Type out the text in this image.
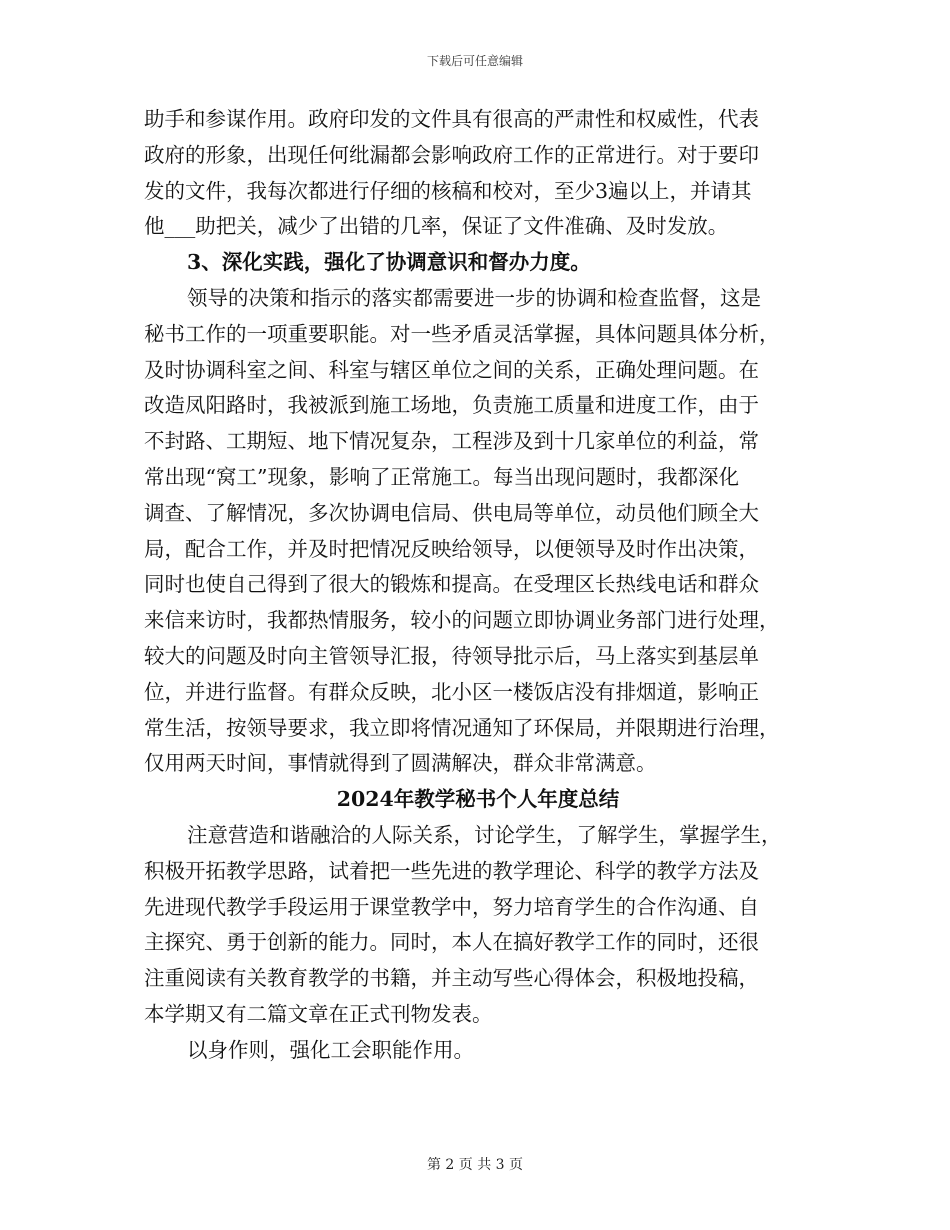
下载后可任意编辑
助手和参谋作用。政府印发的文件具有很高的严肃性和权威性，代表
政府的形象，出现任何纰漏都会影响政府工作的正常进行。对于要印
发的文件，我每次都进行仔细的核稿和校对，至少3遍以上，并请其
他___助把关，减少了出错的几率，保证了文件准确、及时发放。
3、深化实践，强化了协调意识和督办力度。
领导的决策和指示的落实都需要进一步的协调和检查监督，这是
秘书工作的一项重要职能。对一些矛盾灵活掌握，具体问题具体分析，
及时协调科室之间、科室与辖区单位之间的关系，正确处理问题。在
改造凤阳路时，我被派到施工场地，负责施工质量和进度工作，由于
不封路、工期短、地下情况复杂，工程涉及到十几家单位的利益，常
常出现“窝工”现象，影响了正常施工。每当出现问题时，我都深化
调查、了解情况，多次协调电信局、供电局等单位，动员他们顾全大
局，配合工作，并及时把情况反映给领导，以便领导及时作出决策，
同时也使自己得到了很大的锻炼和提高。在受理区长热线电话和群众
来信来访时，我都热情服务，较小的问题立即协调业务部门进行处理，
较大的问题及时向主管领导汇报，待领导批示后，马上落实到基层单
位，并进行监督。有群众反映，北小区一楼饭店没有排烟道，影响正
常生活，按领导要求，我立即将情况通知了环保局，并限期进行治理，
仅用两天时间，事情就得到了圆满解决，群众非常满意。
2024年教学秘书个人年度总结
注意营造和谐融洽的人际关系，讨论学生，了解学生，掌握学生，
积极开拓教学思路，试着把一些先进的教学理论、科学的教学方法及
先进现代教学手段运用于课堂教学中，努力培育学生的合作沟通、自
主探究、勇于创新的能力。同时，本人在搞好教学工作的同时，还很
注重阅读有关教育教学的书籍，并主动写些心得体会，积极地投稿，
本学期又有二篇文章在正式刊物发表。
以身作则，强化工会职能作用。
第 2 页 共 3 页
